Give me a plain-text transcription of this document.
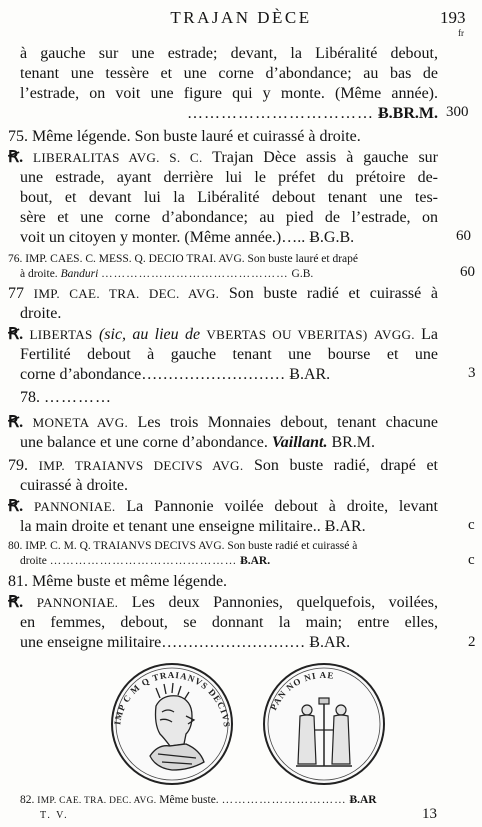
TRAJAN DÈCE	193
fr
à gauche sur une estrade; devant, la Libéralité debout,
tenant une tessère et une corne d’abondance; au bas de
l’estrade, on voit une figure qui y monte. (Même année).
…………………………… Ƀ.BR.M. 300
75. Même légende. Son buste lauré et cuirassé à droite.
Ꞧ. LIBERALITAS AVG. S. C. Trajan Dèce assis à gauche sur
une estrade, ayant derrière lui le préfet du prétoire de-
bout, et devant lui la Libéralité debout tenant une tes-
sère et une corne d’abondance; au pied de l’estrade, on
voit un citoyen y monter. (Même année.)….. Ƀ.G.B.	60
76. IMP. CAES. C. MESS. Q. DECIO TRAI. AVG. Son buste lauré et drapé
à droite. Banduri ……………………………………… G.B.	60
77 IMP. CAE. TRA. DEC. AVG. Son buste radié et cuirassé à
droite.
Ꞧ. LIBERTAS (sic, au lieu de VBERTAS OU VBERITAS) AVGG. La
Fertilité debout à gauche tenant une bourse et une
corne d’abondance……………………… Ƀ.AR.	3
78. …………
Ꞧ. MONETA AVG. Les trois Monnaies debout, tenant chacune
une balance et une corne d’abondance. Vaillant. BR.M.
79. IMP. TRAIANVS DECIVS AVG. Son buste radié, drapé et
cuirassé à droite.
Ꞧ. PANNONIAE. La Pannonie voilée debout à droite, levant
la main droite et tenant une enseigne militaire.. Ƀ.AR.	c
80. IMP. C. M. Q. TRAIANVS DECIVS AVG. Son buste radié et cuirassé à
droite ……………………………………… Ƀ.AR.	c
81. Même buste et même légende.
Ꞧ. PANNONIAE. Les deux Pannonies, quelquefois, voilées,
en femmes, debout, se donnant la main; entre elles,
une enseigne militaire……………………… Ƀ.AR.	2
IMP C M Q TRAIANVS DECIVS
PAN NO NI AE
82. IMP. CAE. TRA. DEC. AVG. Même buste. ………………………… Ƀ.AR
T. V.	13
